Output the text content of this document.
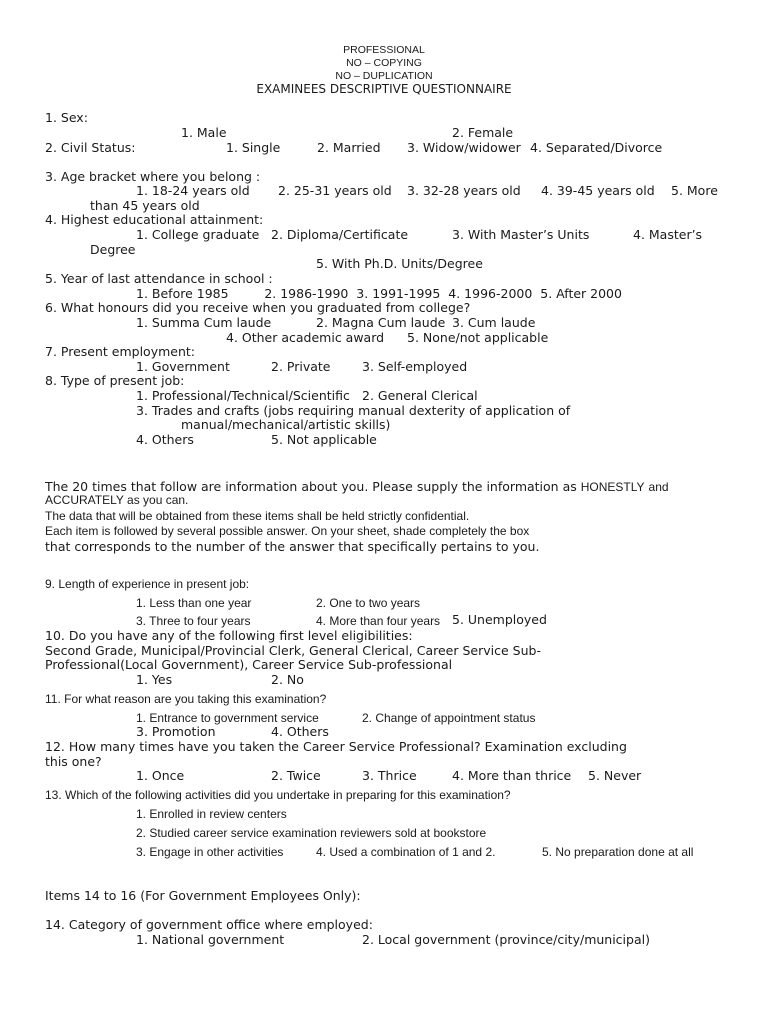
PROFESSIONAL
NO – COPYING
NO – DUPLICATION
EXAMINEES DESCRIPTIVE QUESTIONNAIRE
1. Sex:
1. Male	2. Female
2. Civil Status:	1. Single	2. Married 3. Widow/widower 4. Separated/Divorce
3. Age bracket where you belong :
1. 18-24 years old 2. 25-31 years old 3. 32-28 years old 4. 39-45 years old 5. More
than 45 years old
4. Highest educational attainment:
1. College graduate 2. Diploma/Certificate	3. With Master’s Units	4. Master’s
Degree
5. With Ph.D. Units/Degree
5. Year of last attendance in school :
1. Before 1985         2. 1986-1990  3. 1991-1995  4. 1996-2000  5. After 2000
6. What honours did you receive when you graduated from college?
1. Summa Cum laude	2. Magna Cum laude 3. Cum laude
4. Other academic award 5. None/not applicable
7. Present employment:
1. Government	2. Private	3. Self-employed
8. Type of present job:
1. Professional/Technical/Scientific 2. General Clerical
3. Trades and crafts (jobs requiring manual dexterity of application of
manual/mechanical/artistic skills)
4. Others	5. Not applicable
The 20 times that follow are information about you. Please supply the information as HONESTLY and
ACCURATELY as you can.
The data that will be obtained from these items shall be held strictly confidential.
Each item is followed by several possible answer. On your sheet, shade completely the box
that corresponds to the number of the answer that specifically pertains to you.
9. Length of experience in present job:
1. Less than one year	2. One to two years
3. Three to four years	4. More than four years 5. Unemployed
10. Do you have any of the following first level eligibilities:
Second Grade, Municipal/Provincial Clerk, General Clerical, Career Service Sub-
Professional(Local Government), Career Service Sub-professional
1. Yes	2. No
11. For what reason are you taking this examination?
1. Entrance to government service	2. Change of appointment status
3. Promotion	4. Others
12. How many times have you taken the Career Service Professional? Examination excluding
this one?
1. Once	2. Twice	3. Thrice	4. More than thrice 5. Never
13. Which of the following activities did you undertake in preparing for this examination?
1. Enrolled in review centers
2. Studied career service examination reviewers sold at bookstore
3. Engage in other activities	4. Used a combination of 1 and 2.	5. No preparation done at all
Items 14 to 16 (For Government Employees Only):
14. Category of government office where employed:
1. National government	2. Local government (province/city/municipal)
